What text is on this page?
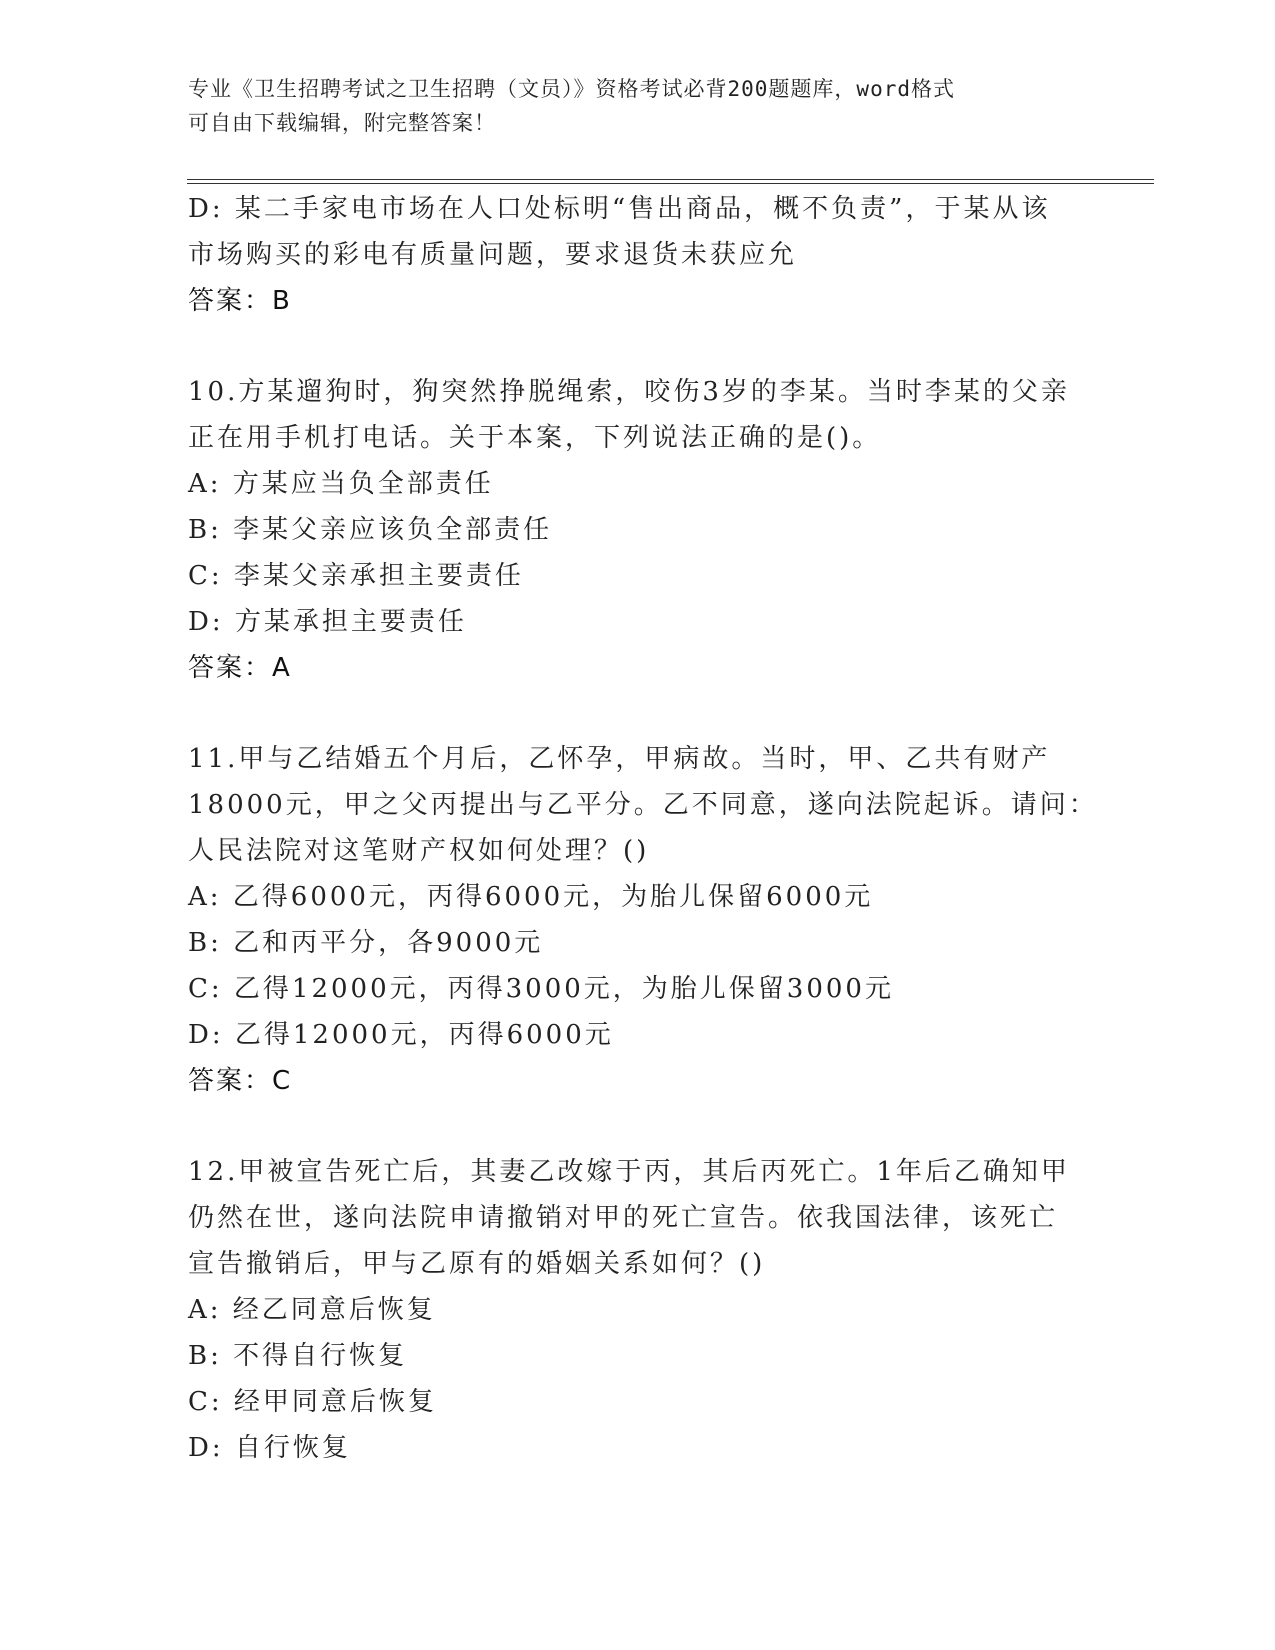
专业《卫生招聘考试之卫生招聘（文员）》资格考试必背200题题库，word格式
可自由下载编辑，附完整答案！
D: 某二手家电市场在人口处标明“售出商品，概不负责”，于某从该
市场购买的彩电有质量问题，要求退货未获应允
答案：B
10.方某遛狗时，狗突然挣脱绳索，咬伤3岁的李某。当时李某的父亲
正在用手机打电话。关于本案，下列说法正确的是()。
A: 方某应当负全部责任
B: 李某父亲应该负全部责任
C: 李某父亲承担主要责任
D: 方某承担主要责任
答案：A
11.甲与乙结婚五个月后，乙怀孕，甲病故。当时，甲、乙共有财产
18000元，甲之父丙提出与乙平分。乙不同意，遂向法院起诉。请问：
人民法院对这笔财产权如何处理？()
A: 乙得6000元，丙得6000元，为胎儿保留6000元
B: 乙和丙平分，各9000元
C: 乙得12000元，丙得3000元，为胎儿保留3000元
D: 乙得12000元，丙得6000元
答案：C
12.甲被宣告死亡后，其妻乙改嫁于丙，其后丙死亡。1年后乙确知甲
仍然在世，遂向法院申请撤销对甲的死亡宣告。依我国法律，该死亡
宣告撤销后，甲与乙原有的婚姻关系如何？()
A: 经乙同意后恢复
B: 不得自行恢复
C: 经甲同意后恢复
D: 自行恢复
